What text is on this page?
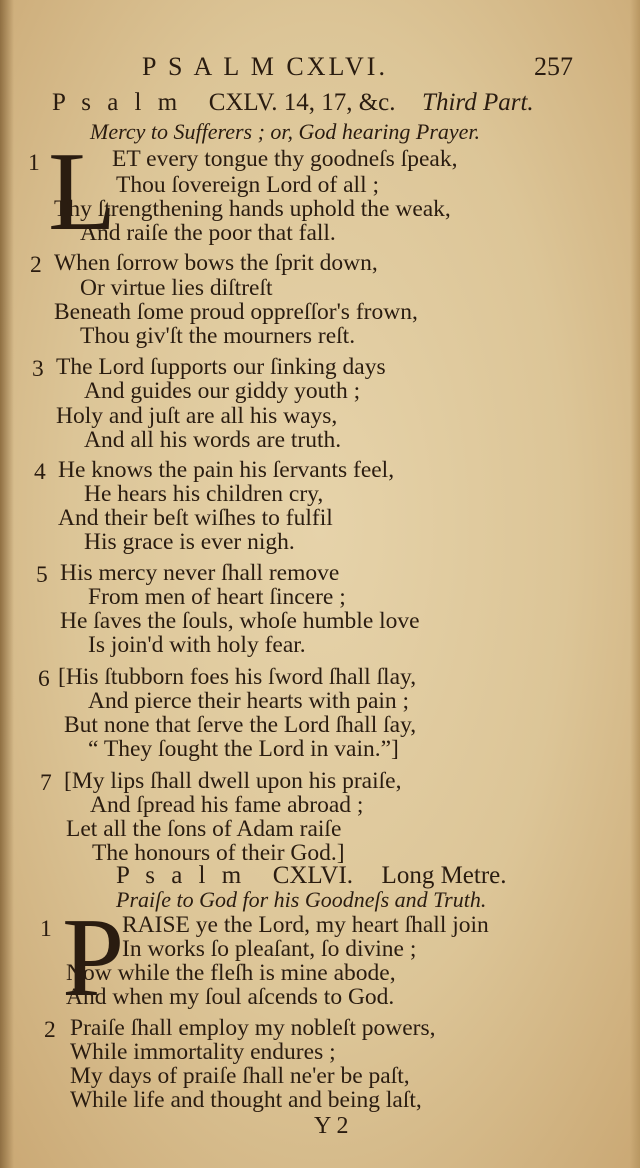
P S A L M CXLVI.	257
P s a l m CXLV. 14, 17, &c. Third Part.
Mercy to Sufferers ; or, God hearing Prayer.
1 L
ET every tongue thy goodneſs ſpeak,
Thou ſovereign Lord of all ;
Thy ſtrengthening hands uphold the weak,
And raiſe the poor that fall.
2 When ſorrow bows the ſprit down,
Or virtue lies diſtreſt
Beneath ſome proud oppreſſor's frown,
Thou giv'ſt the mourners reſt.
3 The Lord ſupports our ſinking days
And guides our giddy youth ;
Holy and juſt are all his ways,
And all his words are truth.
4 He knows the pain his ſervants feel,
He hears his children cry,
And their beſt wiſhes to fulfil
His grace is ever nigh.
5 His mercy never ſhall remove
From men of heart ſincere ;
He ſaves the ſouls, whoſe humble love
Is join'd with holy fear.
6 [His ſtubborn foes his ſword ſhall ſlay,
And pierce their hearts with pain ;
But none that ſerve the Lord ſhall ſay,
“ They ſought the Lord in vain.”]
7 [My lips ſhall dwell upon his praiſe,
And ſpread his fame abroad ;
Let all the ſons of Adam raiſe
The honours of their God.]
P s a l m CXLVI. Long Metre.
Praiſe to God for his Goodneſs and Truth.
1 P
RAISE ye the Lord, my heart ſhall join
In works ſo pleaſant, ſo divine ;
Now while the fleſh is mine abode,
And when my ſoul aſcends to God.
2 Praiſe ſhall employ my nobleſt powers,
While immortality endures ;
My days of praiſe ſhall ne'er be paſt,
While life and thought and being laſt,
Y 2
